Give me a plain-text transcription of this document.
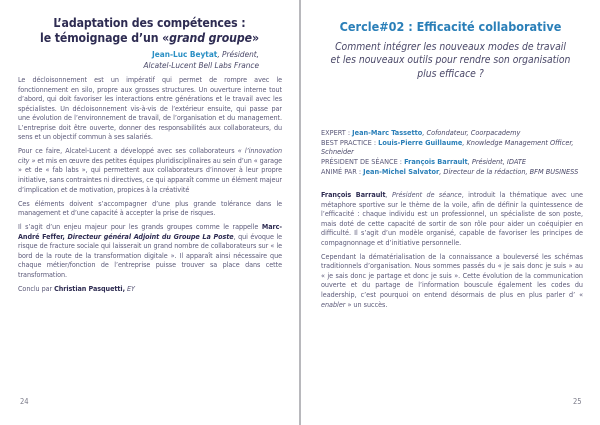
L’adaptation des compétences :
le témoignage d’un «grand groupe»
Jean-Luc Beytat, Président,
Alcatel-Lucent Bell Labs France

Le décloisonnement est un impératif qui permet de rompre avec le fonctionnement en silo, propre aux grosses structures. Un ouverture interne tout d’abord, qui doit favoriser les interactions entre générations et le travail avec les spécialistes. Un décloisonnement vis-à-vis de l’extérieur ensuite, qui passe par une évolution de l’environnement de travail, de l’organisation et du management. L’entreprise doit être ouverte, donner des responsabilités aux collaborateurs, du sens et un objectif commun à ses salariés.

Pour ce faire, Alcatel-Lucent a développé avec ses collaborateurs « l’innovation city » et mis en œuvre des petites équipes pluridisciplinaires au sein d’un « garage » et de « fab labs », qui permettent aux collaborateurs d’innover à leur propre initiative, sans contraintes ni directives, ce qui apparaît comme un élément majeur d’implication et de motivation, propices à la créativité

Ces éléments doivent s’accompagner d’une plus grande tolérance dans le management et d’une capacité à accepter la prise de risques.

Il s’agit d’un enjeu majeur pour les grands groupes comme le rappelle Marc-André Feffer, Directeur général Adjoint du Groupe La Poste, qui évoque le risque de fracture sociale qui laisserait un grand nombre de collaborateurs sur « le bord de la route de la transformation digitale ». Il apparaît ainsi nécessaire que chaque métier/fonction de l’entreprise puisse trouver sa place dans cette transformation.

Conclu par Christian Pasquetti, EY

24
Cercle#02 : Efficacité collaborative
Comment intégrer les nouveaux modes de travail
et les nouveaux outils pour rendre son organisation
plus efficace ?
EXPERT : Jean-Marc Tassetto, Cofondateur, Coorpacademy
BEST PRACTICE : Louis-Pierre Guillaume, Knowledge Management Officer, Schneider
PRÉSIDENT DE SÉANCE : François Barrault, Président, IDATE
ANIMÉ PAR : Jean-Michel Salvator, Directeur de la rédaction, BFM BUSINESS

François Barrault, Président de séance, introduit la thématique avec une métaphore sportive sur le thème de la voile, afin de définir la quintessence de l’efficacité : chaque individu est un professionnel, un spécialiste de son poste, mais doté de cette capacité de sortir de son rôle pour aider un coéquipier en difficulté. Il s’agit d’un modèle organisé, capable de favoriser les principes de compagnonnage et d’initiative personnelle.

Cependant la dématérialisation de la connaissance a bouleversé les schémas traditionnels d’organisation. Nous sommes passés du « je sais donc je suis » au « je sais donc je partage et donc je suis ». Cette évolution de la communication ouverte et du partage de l’information bouscule également les codes du leadership, c’est pourquoi on entend désormais de plus en plus parler d’ « enabler » un succès.

25
